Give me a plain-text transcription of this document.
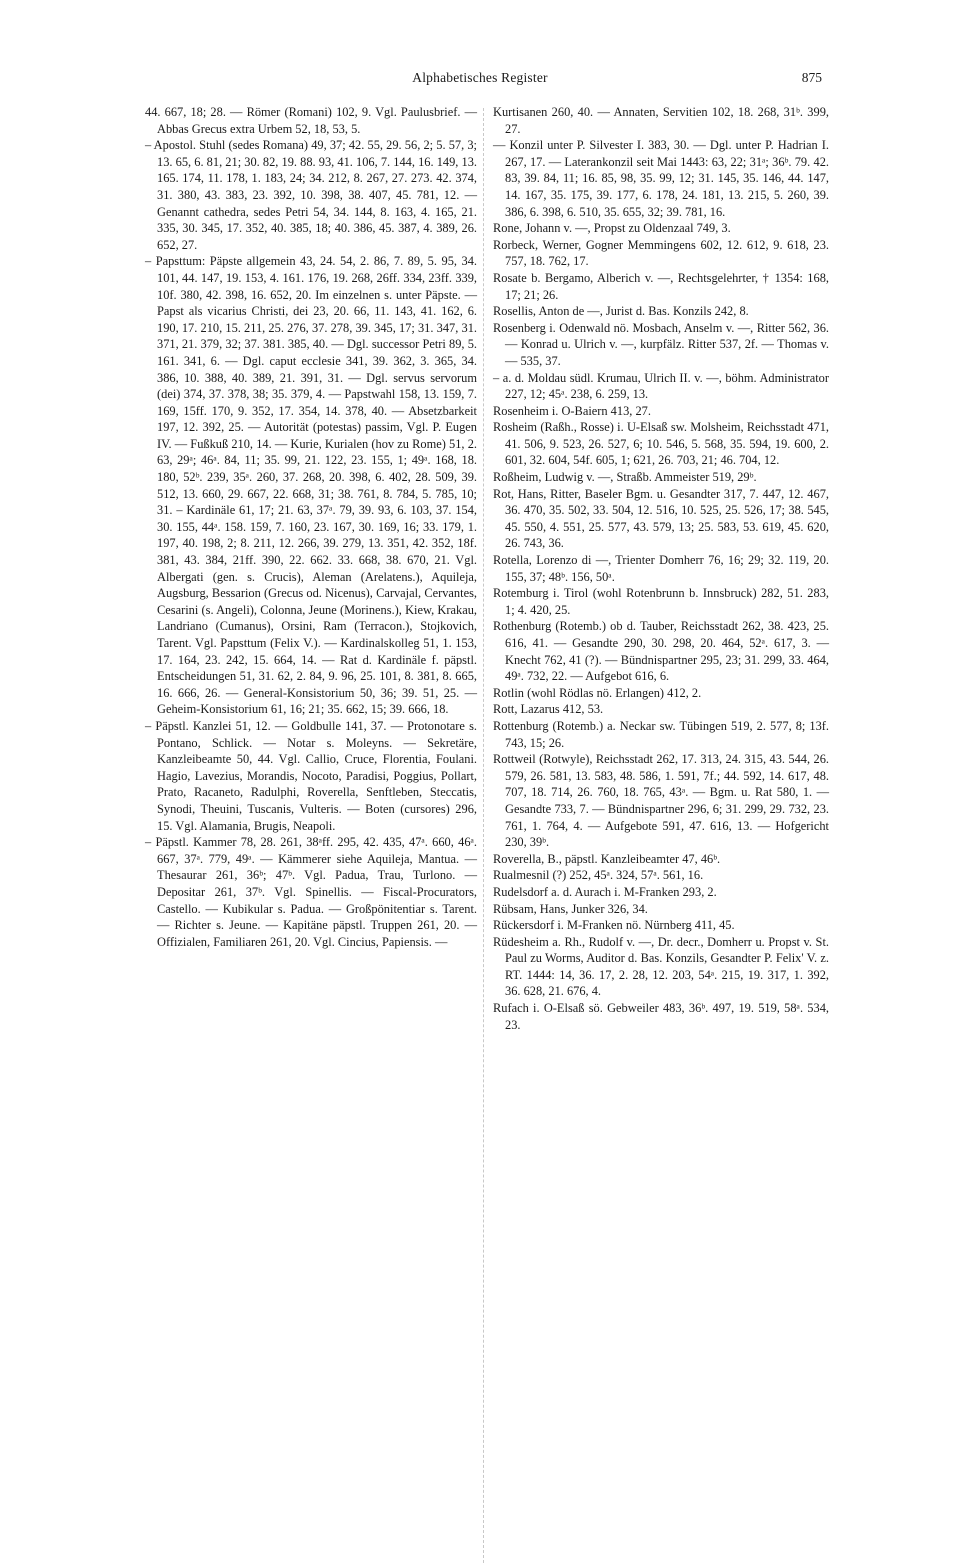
Alphabetisches Register	875

44. 667, 18; 28. — Römer (Romani) 102, 9. Vgl. Paulusbrief. — Abbas Grecus extra Urbem 52, 18, 53, 5.

– Apostol. Stuhl (sedes Romana) 49, 37; 42. 55, 29. 56, 2; 5. 57, 3; 13. 65, 6. 81, 21; 30. 82, 19. 88. 93, 41. 106, 7. 144, 16. 149, 13. 165. 174, 11. 178, 1. 183, 24; 34. 212, 8. 267, 27. 273. 42. 374, 31. 380, 43. 383, 23. 392, 10. 398, 38. 407, 45. 781, 12. — Genannt cathedra, sedes Petri 54, 34. 144, 8. 163, 4. 165, 21. 335, 30. 345, 17. 352, 40. 385, 18; 40. 386, 45. 387, 4. 389, 26. 652, 27.

– Papsttum: Päpste allgemein 43, 24. 54, 2. 86, 7. 89, 5. 95, 34. 101, 44. 147, 19. 153, 4. 161. 176, 19. 268, 26ff. 334, 23ff. 339, 10f. 380, 42. 398, 16. 652, 20. Im einzelnen s. unter Päpste. — Papst als vicarius Christi, dei 23, 20. 66, 11. 143, 41. 162, 6. 190, 17. 210, 15. 211, 25. 276, 37. 278, 39. 345, 17; 31. 347, 31. 371, 21. 379, 32; 37. 381. 385, 40. — Dgl. successor Petri 89, 5. 161. 341, 6. — Dgl. caput ecclesie 341, 39. 362, 3. 365, 34. 386, 10. 388, 40. 389, 21. 391, 31. — Dgl. servus servorum (dei) 374, 37. 378, 38; 35. 379, 4. — Papstwahl 158, 13. 159, 7. 169, 15ff. 170, 9. 352, 17. 354, 14. 378, 40. — Absetzbarkeit 197, 12. 392, 25. — Autorität (potestas) passim, Vgl. P. Eugen IV. — Fußkuß 210, 14. — Kurie, Kurialen (hov zu Rome) 51, 2. 63, 29ᵃ; 46ᵃ. 84, 11; 35. 99, 21. 122, 23. 155, 1; 49ᵃ. 168, 18. 180, 52ᵇ. 239, 35ᵃ. 260, 37. 268, 20. 398, 6. 402, 28. 509, 39. 512, 13. 660, 29. 667, 22. 668, 31; 38. 761, 8. 784, 5. 785, 10; 31. – Kardinäle 61, 17; 21. 63, 37ᵃ. 79, 39. 93, 6. 103, 37. 154, 30. 155, 44ᵃ. 158. 159, 7. 160, 23. 167, 30. 169, 16; 33. 179, 1. 197, 40. 198, 2; 8. 211, 12. 266, 39. 279, 13. 351, 42. 352, 18f. 381, 43. 384, 21ff. 390, 22. 662. 33. 668, 38. 670, 21. Vgl. Albergati (gen. s. Crucis), Aleman (Arelatens.), Aquileja, Augsburg, Bessarion (Grecus od. Nicenus), Carvajal, Cervantes, Cesarini (s. Angeli), Colonna, Jeune (Morinens.), Kiew, Krakau, Landriano (Cumanus), Orsini, Ram (Terracon.), Stojkovich, Tarent. Vgl. Papsttum (Felix V.). — Kardinalskolleg 51, 1. 153, 17. 164, 23. 242, 15. 664, 14. — Rat d. Kardinäle f. päpstl. Entscheidungen 51, 31. 62, 2. 84, 9. 96, 25. 101, 8. 381, 8. 665, 16. 666, 26. — General-Konsistorium 50, 36; 39. 51, 25. — Geheim-Konsistorium 61, 16; 21; 35. 662, 15; 39. 666, 18.

– Päpstl. Kanzlei 51, 12. — Goldbulle 141, 37. — Protonotare s. Pontano, Schlick. — Notar s. Moleyns. — Sekretäre, Kanzleibeamte 50, 44. Vgl. Callio, Cruce, Florentia, Foulani. Hagio, Lavezius, Morandis, Nocoto, Paradisi, Poggius, Pollart, Prato, Racaneto, Radulphi, Roverella, Senftleben, Steccatis, Synodi, Theuini, Tuscanis, Vulteris. — Boten (cursores) 296, 15. Vgl. Alamania, Brugis, Neapoli.

– Päpstl. Kammer 78, 28. 261, 38ᵃff. 295, 42. 435, 47ᵃ. 660, 46ᵃ. 667, 37ᵃ. 779, 49ᵃ. — Kämmerer siehe Aquileja, Mantua. — Thesaurar 261, 36ᵇ; 47ᵇ. Vgl. Padua, Trau, Turlono. — Depositar 261, 37ᵇ. Vgl. Spinellis. — Fiscal-Procurators, Castello. — Kubikular s. Padua. — Großpönitentiar s. Tarent. — Richter s. Jeune. — Kapitäne päpstl. Truppen 261, 20. — Offizialen, Familiaren 261, 20. Vgl. Cincius, Papiensis. —

Kurtisanen 260, 40. — Annaten, Servitien 102, 18. 268, 31ᵇ. 399, 27.

— Konzil unter P. Silvester I. 383, 30. — Dgl. unter P. Hadrian I. 267, 17. — Laterankonzil seit Mai 1443: 63, 22; 31ᵃ; 36ᵇ. 79. 42. 83, 39. 84, 11; 16. 85, 98, 35. 99, 12; 31. 145, 35. 146, 44. 147, 14. 167, 35. 175, 39. 177, 6. 178, 24. 181, 13. 215, 5. 260, 39. 386, 6. 398, 6. 510, 35. 655, 32; 39. 781, 16.

Rone, Johann v. —, Propst zu Oldenzaal 749, 3.

Rorbeck, Werner, Gogner Memmingens 602, 12. 612, 9. 618, 23. 757, 18. 762, 17.

Rosate b. Bergamo, Alberich v. —, Rechtsgelehrter, † 1354: 168, 17; 21; 26.

Rosellis, Anton de —, Jurist d. Bas. Konzils 242, 8.

Rosenberg i. Odenwald nö. Mosbach, Anselm v. —, Ritter 562, 36. — Konrad u. Ulrich v. —, kurpfälz. Ritter 537, 2f. — Thomas v. — 535, 37.

– a. d. Moldau südl. Krumau, Ulrich II. v. —, böhm. Administrator 227, 12; 45ᵃ. 238, 6. 259, 13.

Rosenheim i. O-Baiern 413, 27.

Rosheim (Raßh., Rosse) i. U-Elsaß sw. Molsheim, Reichsstadt 471, 41. 506, 9. 523, 26. 527, 6; 10. 546, 5. 568, 35. 594, 19. 600, 2. 601, 32. 604, 54f. 605, 1; 621, 26. 703, 21; 46. 704, 12.

Roßheim, Ludwig v. —, Straßb. Ammeister 519, 29ᵇ.

Rot, Hans, Ritter, Baseler Bgm. u. Gesandter 317, 7. 447, 12. 467, 36. 470, 35. 502, 33. 504, 12. 516, 10. 525, 25. 526, 17; 38. 545, 45. 550, 4. 551, 25. 577, 43. 579, 13; 25. 583, 53. 619, 45. 620, 26. 743, 36.

Rotella, Lorenzo di —, Trienter Domherr 76, 16; 29; 32. 119, 20. 155, 37; 48ᵇ. 156, 50ᵃ.

Rotemburg i. Tirol (wohl Rotenbrunn b. Innsbruck) 282, 51. 283, 1; 4. 420, 25.

Rothenburg (Rotemb.) ob d. Tauber, Reichsstadt 262, 38. 423, 25. 616, 41. — Gesandte 290, 30. 298, 20. 464, 52ᵃ. 617, 3. — Knecht 762, 41 (?). — Bündnispartner 295, 23; 31. 299, 33. 464, 49ᵃ. 732, 22. — Aufgebot 616, 6.

Rotlin (wohl Rödlas nö. Erlangen) 412, 2.

Rott, Lazarus 412, 53.

Rottenburg (Rotemb.) a. Neckar sw. Tübingen 519, 2. 577, 8; 13f. 743, 15; 26.

Rottweil (Rotwyle), Reichsstadt 262, 17. 313, 24. 315, 43. 544, 26. 579, 26. 581, 13. 583, 48. 586, 1. 591, 7f.; 44. 592, 14. 617, 48. 707, 18. 714, 26. 760, 18. 765, 43ᵃ. — Bgm. u. Rat 580, 1. — Gesandte 733, 7. — Bündnispartner 296, 6; 31. 299, 29. 732, 23. 761, 1. 764, 4. — Aufgebote 591, 47. 616, 13. — Hofgericht 230, 39ᵇ.

Roverella, B., päpstl. Kanzleibeamter 47, 46ᵇ.

Rualmesnil (?) 252, 45ᵃ. 324, 57ᵃ. 561, 16.

Rudelsdorf a. d. Aurach i. M-Franken 293, 2.

Rübsam, Hans, Junker 326, 34.

Rückersdorf i. M-Franken nö. Nürnberg 411, 45.

Rüdesheim a. Rh., Rudolf v. —, Dr. decr., Domherr u. Propst v. St. Paul zu Worms, Auditor d. Bas. Konzils, Gesandter P. Felix' V. z. RT. 1444: 14, 36. 17, 2. 28, 12. 203, 54ᵃ. 215, 19. 317, 1. 392, 36. 628, 21. 676, 4.

Rufach i. O-Elsaß sö. Gebweiler 483, 36ᵇ. 497, 19. 519, 58ᵃ. 534, 23.
